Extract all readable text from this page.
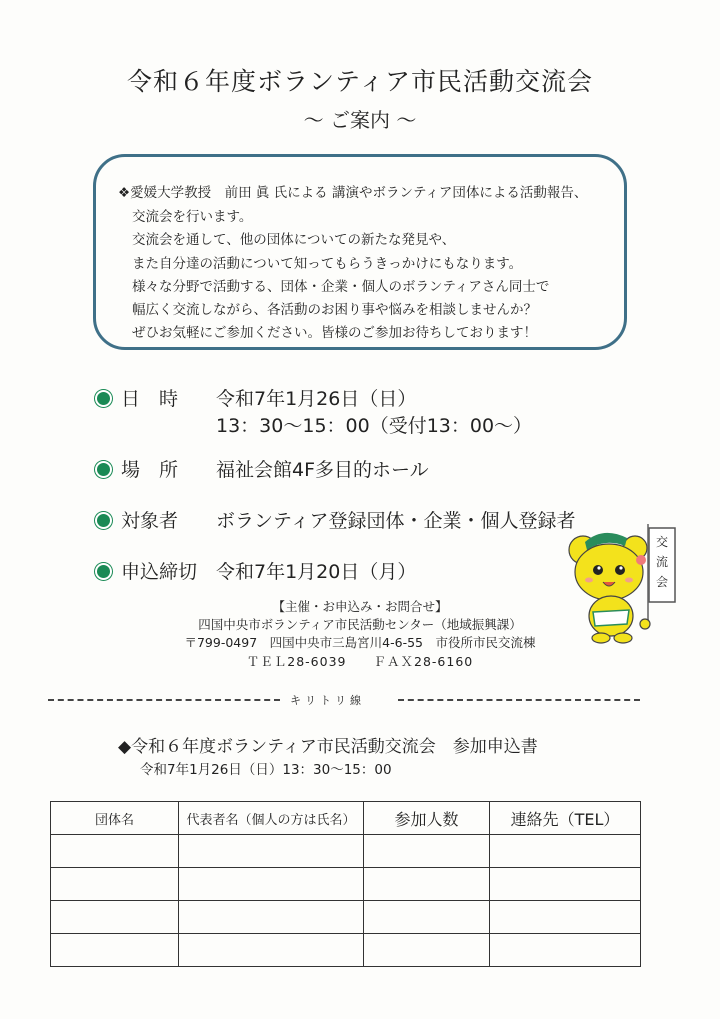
令和６年度ボランティア市民活動交流会
～ ご案内 ～
❖愛媛大学教授　前田 眞 氏による 講演やボランティア団体による活動報告、
交流会を行います。
交流会を通して、他の団体についての新たな発見や、
また自分達の活動について知ってもらうきっかけにもなります。
様々な分野で活動する、団体・企業・個人のボランティアさん同士で
幅広く交流しながら、各活動のお困り事や悩みを相談しませんか？
ぜひお気軽にご参加ください。皆様のご参加お待ちしております！
日　時 令和7年1月26日（日）
13：30～15：00（受付13：00～）
場　所 福祉会館4F多目的ホール
対象者 ボランティア登録団体・企業・個人登録者
申込締切 令和7年1月20日（月）
【主催・お申込み・お問合せ】
四国中央市ボランティア市民活動センター（地域振興課）
〒799-0497　四国中央市三島宮川4-6-55　市役所市民交流棟
ＴＥＬ28-6039　　ＦＡＸ28-6160
交
流
会
キリトリ線
◆令和６年度ボランティア市民活動交流会　参加申込書
令和7年1月26日（日）13：30～15：00
団体名	代表者名（個人の方は氏名）	参加人数	連絡先（TEL）
